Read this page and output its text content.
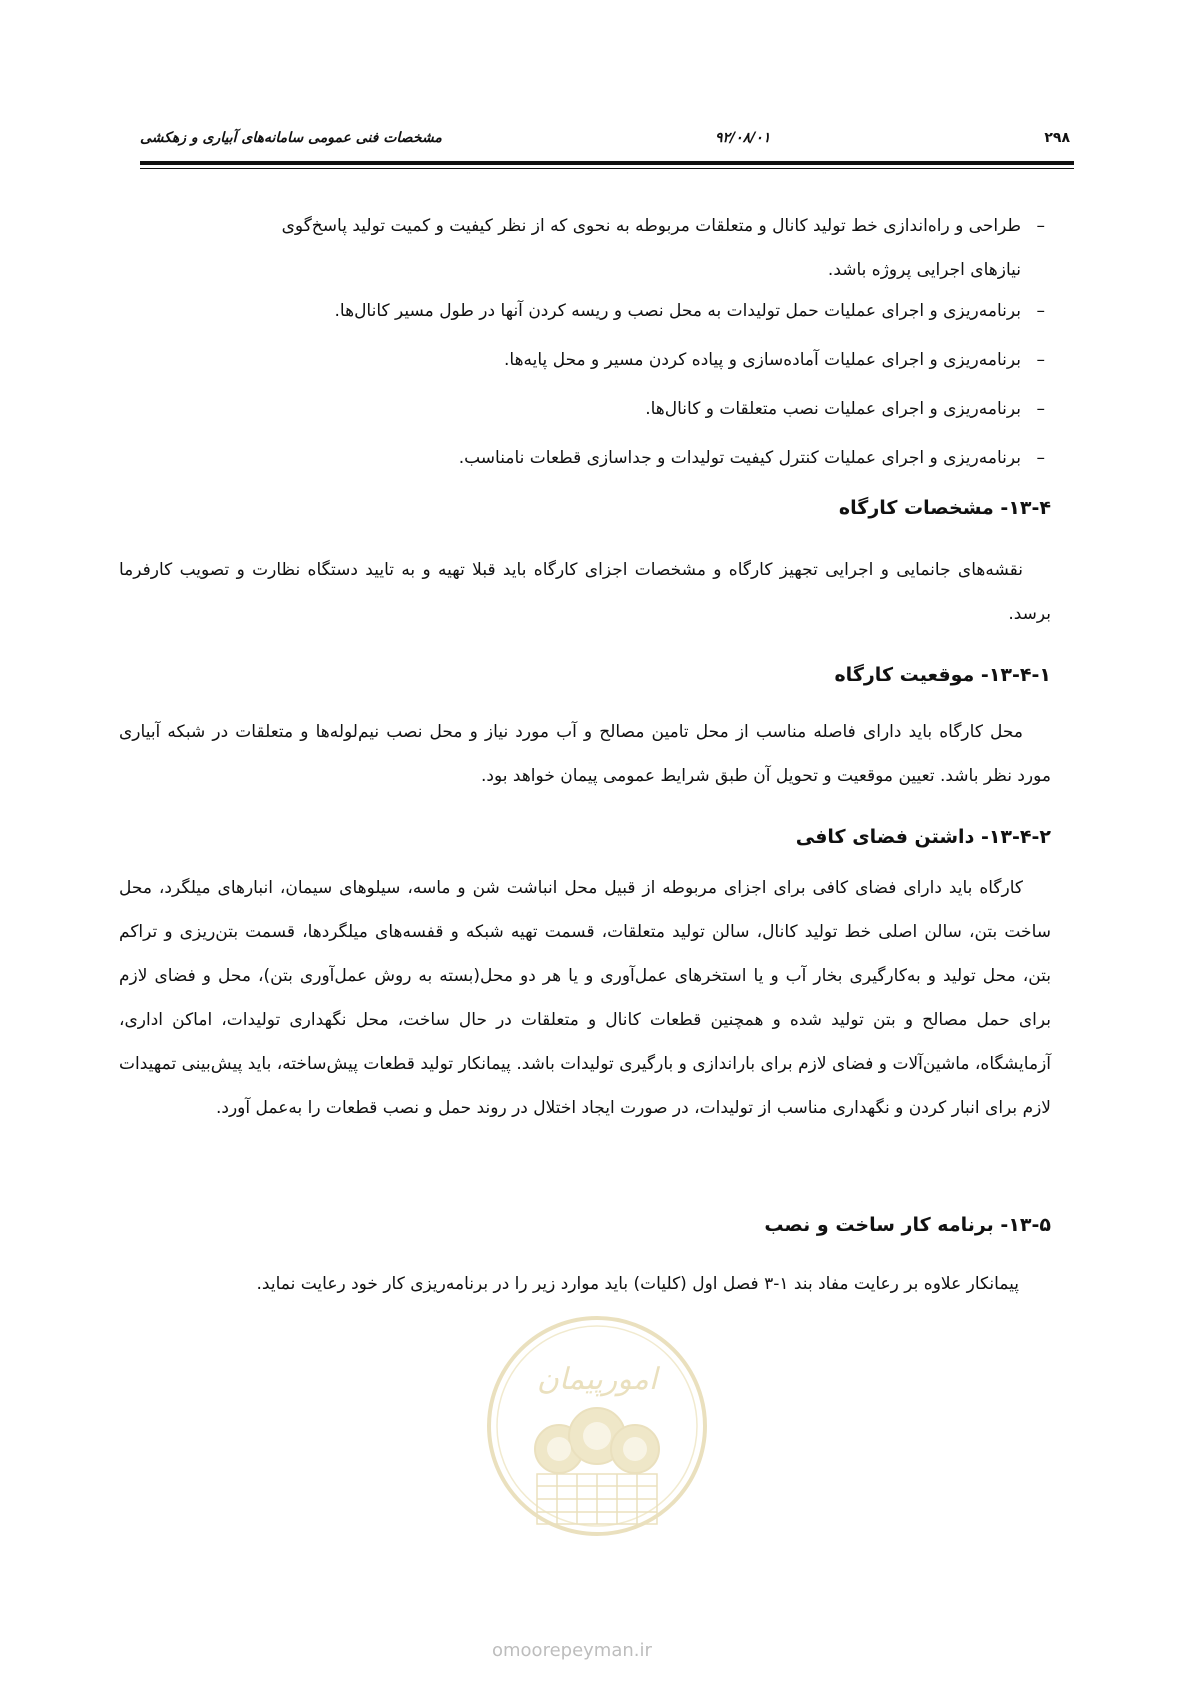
مشخصات فنی عمومی سامانه‌های آبیاری و زهکشی	۹۲/۰۸/۰۱	۲۹۸
–
طراحی و راه‌اندازی خط تولید کانال و متعلقات مربوطه به نحوی که از نظر کیفیت و کمیت تولید پاسخ‌گوی
نیازهای اجرایی پروژه باشد.
–
برنامه‌ریزی و اجرای عملیات حمل تولیدات به محل نصب و ریسه کردن آنها در طول مسیر کانال‌ها.
–
برنامه‌ریزی و اجرای عملیات آماده‌سازی و پیاده کردن مسیر و محل پایه‌ها.
–
برنامه‌ریزی و اجرای عملیات نصب متعلقات و کانال‌ها.
–
برنامه‌ریزی و اجرای عملیات کنترل کیفیت تولیدات و جداسازی قطعات نامناسب.
۱۳-۴- مشخصات کارگاه
نقشه‌های جانمایی و اجرایی تجهیز کارگاه و مشخصات اجزای کارگاه باید قبلا تهیه و به تایید دستگاه نظارت و تصویب کارفرما برسد.
۱۳-۴-۱- موقعیت کارگاه
محل کارگاه باید دارای فاصله مناسب از محل تامین مصالح و آب مورد نیاز و محل نصب نیم‌لوله‌ها و متعلقات در شبکه آبیاری مورد نظر باشد. تعیین موقعیت و تحویل آن طبق شرایط عمومی پیمان خواهد بود.
۱۳-۴-۲- داشتن فضای کافی
کارگاه باید دارای فضای کافی برای اجزای مربوطه از قبیل محل انباشت شن و ماسه، سیلوهای سیمان، انبارهای میلگرد، محل ساخت بتن، سالن اصلی خط تولید کانال، سالن تولید متعلقات، قسمت تهیه شبکه و قفسه‌های میلگردها، قسمت بتن‌ریزی و تراکم بتن، محل تولید و به‌کارگیری بخار آب و یا استخرهای عمل‌آوری و یا هر دو محل(بسته به روش عمل‌آوری بتن)، محل و فضای لازم برای حمل مصالح و بتن تولید شده و همچنین قطعات کانال و متعلقات در حال ساخت، محل نگهداری تولیدات، اماکن اداری، آزمایشگاه، ماشین‌آلات و فضای لازم برای باراندازی و بارگیری تولیدات باشد. پیمانکار تولید قطعات پیش‌ساخته، باید پیش‌بینی تمهیدات لازم برای انبار کردن و نگهداری مناسب از تولیدات، در صورت ایجاد اختلال در روند حمل و نصب قطعات را به‌عمل آورد.
۱۳-۵- برنامه کار ساخت و نصب
پیمانکار علاوه بر رعایت مفاد بند ۱-۳ فصل اول (کلیات) باید موارد زیر را در برنامه‌ریزی کار خود رعایت نماید.
امورپیمان
omoorepeyman.ir
